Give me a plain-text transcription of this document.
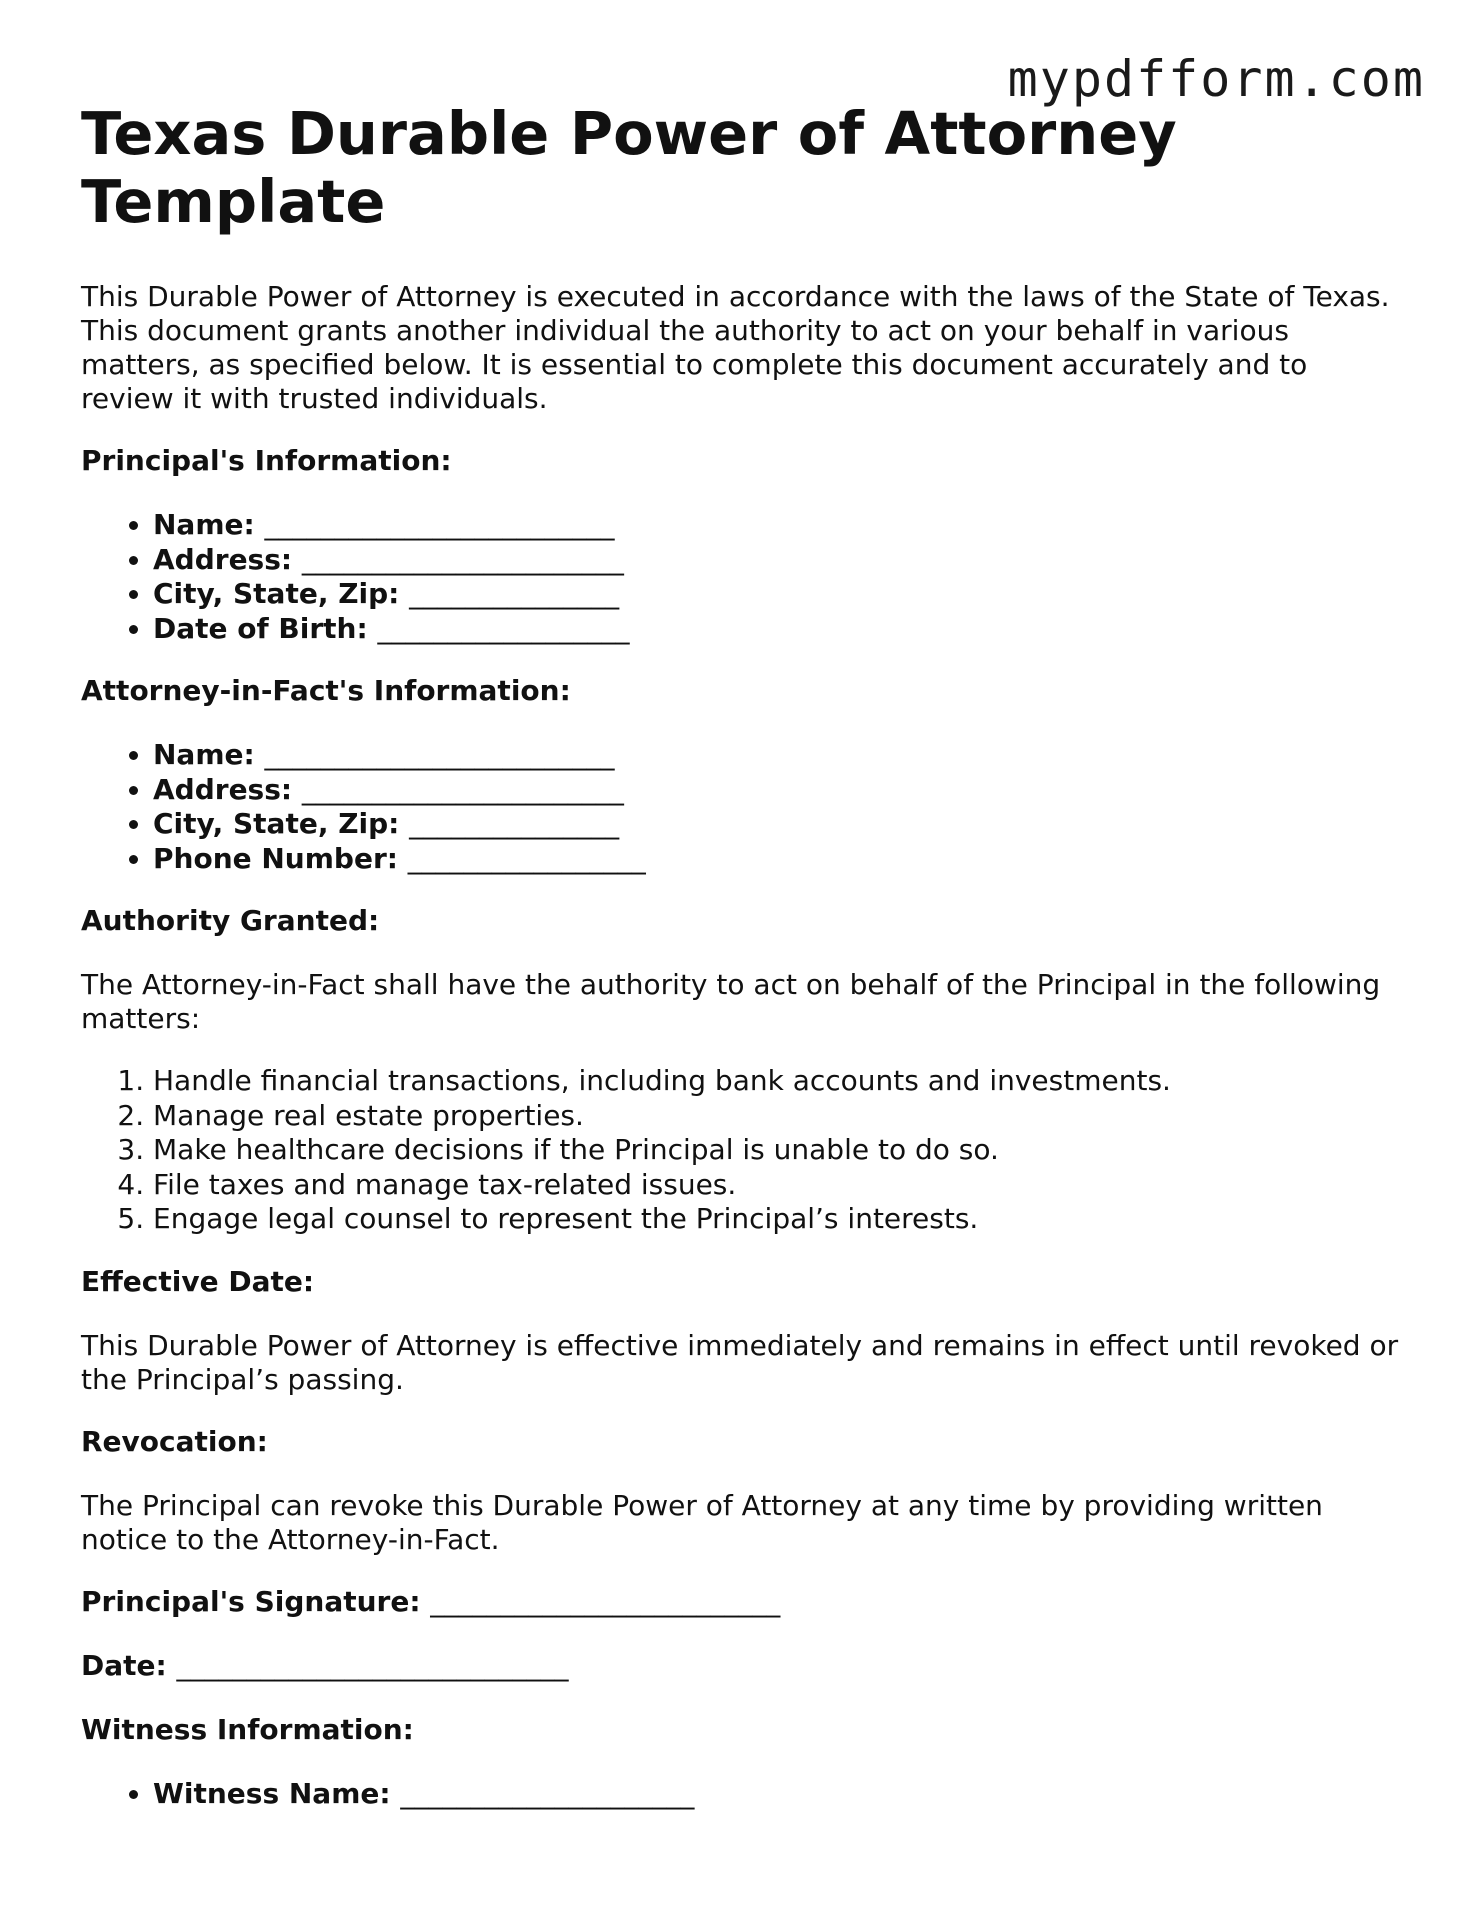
mypdfform.com
Texas Durable Power of Attorney Template

This Durable Power of Attorney is executed in accordance with the laws of the State of Texas. This document grants another individual the authority to act on your behalf in various matters, as specified below. It is essential to complete this document accurately and to review it with trusted individuals.

Principal's Information:
• Name: _________________________
• Address: _______________________
• City, State, Zip: _______________
• Date of Birth: __________________
Attorney-in-Fact's Information:
• Name: _________________________
• Address: _______________________
• City, State, Zip: _______________
• Phone Number: _________________
Authority Granted:

The Attorney-in-Fact shall have the authority to act on behalf of the Principal in the following matters:

1. Handle financial transactions, including bank accounts and investments.
2. Manage real estate properties.
3. Make healthcare decisions if the Principal is unable to do so.
4. File taxes and manage tax-related issues.
5. Engage legal counsel to represent the Principal’s interests.
Effective Date:

This Durable Power of Attorney is effective immediately and remains in effect until revoked or the Principal’s passing.

Revocation:

The Principal can revoke this Durable Power of Attorney at any time by providing written notice to the Attorney-in-Fact.

Principal's Signature: _________________________
Date: ____________________________
Witness Information:
• Witness Name: _____________________
